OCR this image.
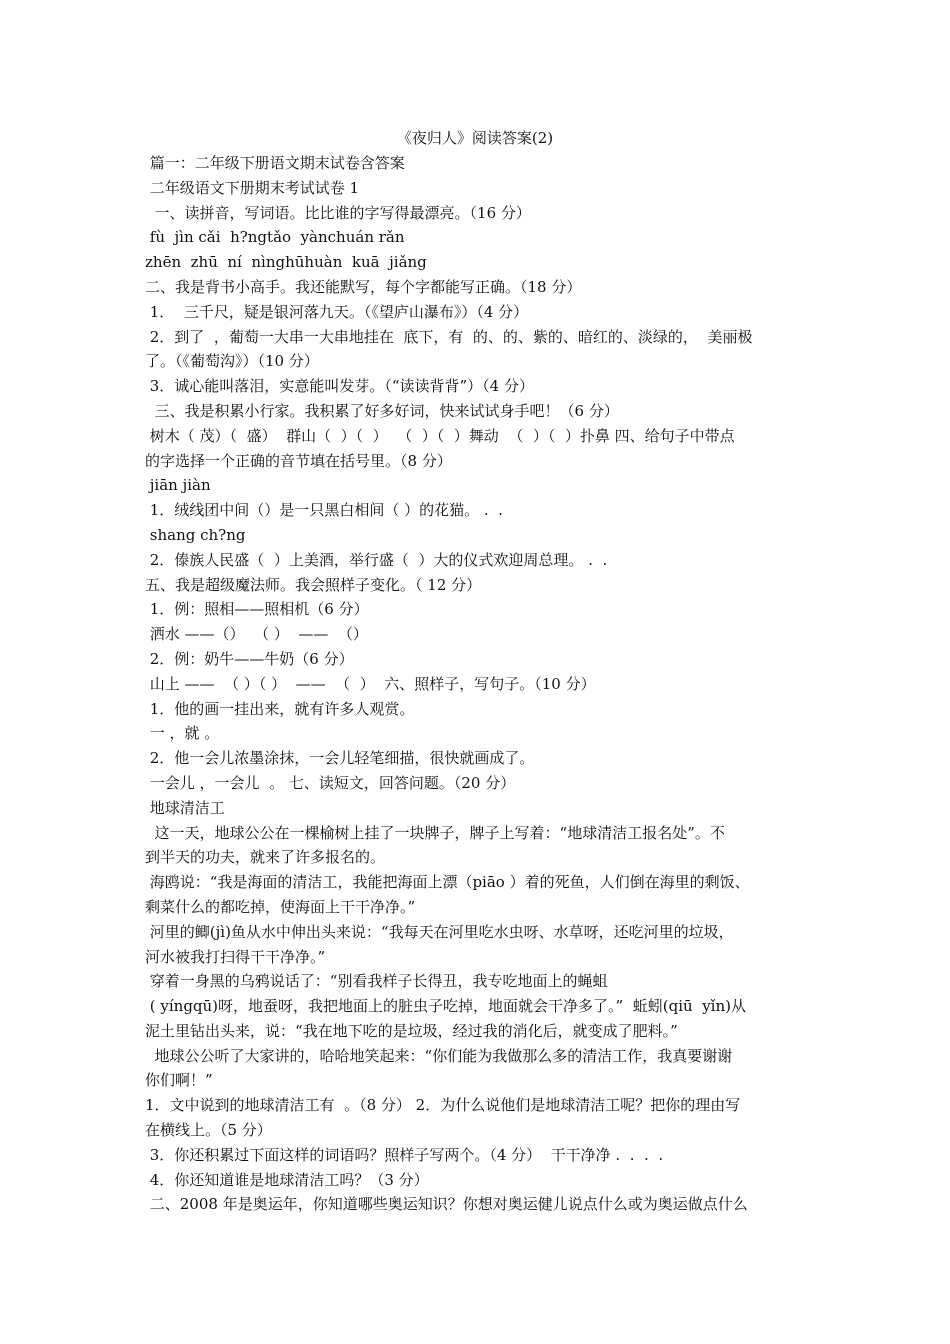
《夜归人》阅读答案(2)
篇一：二年级下册语文期末试卷含答案
二年级语文下册期末考试试卷 1
一、读拼音，写词语。比比谁的字写得最漂亮。（16 分）
fù  jìn cǎi  h?ngtǎo  yànchuán rǎn
zhēn  zhū  ní  nìnghūhuàn  kuā  jiǎng
二、我是背书小高手。我还能默写，每个字都能写正确。（18 分）
1．  三千尺，疑是银河落九天。（《望庐山瀑布》）（4 分）
2．到了  ，葡萄一大串一大串地挂在  底下，有  的、的、紫的、暗红的、淡绿的，  美丽极
了。（《葡萄沟》）（10 分）
3．诚心能叫落泪，实意能叫发芽。（“读读背背”）（4 分）
三、我是积累小行家。我积累了好多好词，快来试试身手吧！（6 分）
树木（ 茂）（  盛）  群山（  ）（  ）  （  ）（  ）舞动  （  ）（  ）扑鼻 四、给句子中带点
的字选择一个正确的音节填在括号里。（8 分）
jiān jiàn
1．绒线团中间（）是一只黑白相间（ ）的花猫。 .  .
shang ch?ng
2．傣族人民盛（  ）上美酒，举行盛（  ）大的仪式欢迎周总理。 .  .
五、我是超级魔法师。我会照样子变化。（ 12 分）
1．例：照相——照相机（6 分）
洒水 ——（）  （ ）  ——  （）
2．例：奶牛——牛奶（6 分）
山上 ——  （ ）（ ）  ——  （  ）  六、照样子，写句子。（10 分）
1．他的画一挂出来，就有许多人观赏。
一 ，就 。
2．他一会儿浓墨涂抹，一会儿轻笔细描，很快就画成了。
一会儿 ，一会儿  。 七、读短文，回答问题。（20 分）
地球清洁工
这一天，地球公公在一棵榆树上挂了一块牌子，牌子上写着：“地球清洁工报名处”。不
到半天的功夫，就来了许多报名的。
海鸥说：“我是海面的清洁工，我能把海面上漂（piāo ）着的死鱼，人们倒在海里的剩饭、
剩菜什么的都吃掉，使海面上干干净净。”
河里的鲫(jì)鱼从水中伸出头来说：“我每天在河里吃水虫呀、水草呀，还吃河里的垃圾，
河水被我打扫得干干净净。”
穿着一身黑的乌鸦说话了：“别看我样子长得丑，我专吃地面上的蝇蛆
( yíngqū)呀，地蚕呀，我把地面上的脏虫子吃掉，地面就会干净多了。”  蚯蚓(qiū  yǐn)从
泥土里钻出头来，说：“我在地下吃的是垃圾，经过我的消化后，就变成了肥料。”
地球公公听了大家讲的，哈哈地笑起来：“你们能为我做那么多的清洁工作，我真要谢谢
你们啊！”
1．文中说到的地球清洁工有  。（8 分） 2．为什么说他们是地球清洁工呢？把你的理由写
在横线上。（5 分）
3．你还积累过下面这样的词语吗？照样子写两个。（4 分）  干干净净 .  .  .  .
4．你还知道谁是地球清洁工吗？（3 分）
二、2008 年是奥运年，你知道哪些奥运知识？你想对奥运健儿说点什么或为奥运做点什么
